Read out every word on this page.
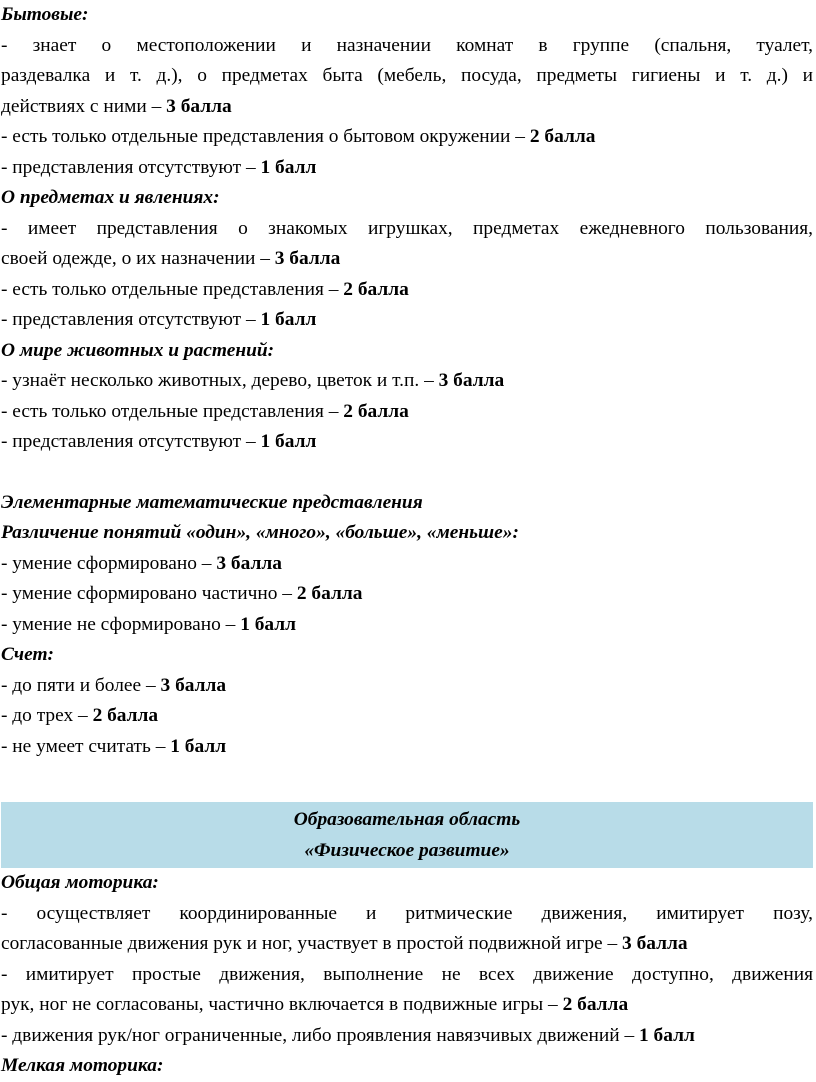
Бытовые:
- знает о местоположении и назначении комнат в группе (спальня, туалет,
раздевалка и т. д.), о предметах быта (мебель, посуда, предметы гигиены и т. д.) и
действиях с ними – 3 балла
- есть только отдельные представления о бытовом окружении – 2 балла
- представления отсутствуют – 1 балл
О предметах и явлениях:
- имеет представления о знакомых игрушках, предметах ежедневного пользования,
своей одежде, о их назначении – 3 балла
- есть только отдельные представления – 2 балла
- представления отсутствуют – 1 балл
О мире животных и растений:
- узнаёт несколько животных, дерево, цветок и т.п. – 3 балла
- есть только отдельные представления – 2 балла
- представления отсутствуют – 1 балл
Элементарные математические представления
Различение понятий «один», «много», «больше», «меньше»:
- умение сформировано – 3 балла
- умение сформировано частично – 2 балла
- умение не сформировано – 1 балл
Счет:
- до пяти и более – 3 балла
- до трех – 2 балла
- не умеет считать – 1 балл
Образовательная область
«Физическое развитие»
Общая моторика:
- осуществляет координированные и ритмические движения, имитирует позу,
согласованные движения рук и ног, участвует в простой подвижной игре – 3 балла
- имитирует простые движения, выполнение не всех движение доступно, движения
рук, ног не согласованы, частично включается в подвижные игры – 2 балла
- движения рук/ног ограниченные, либо проявления навязчивых движений – 1 балл
Мелкая моторика:
